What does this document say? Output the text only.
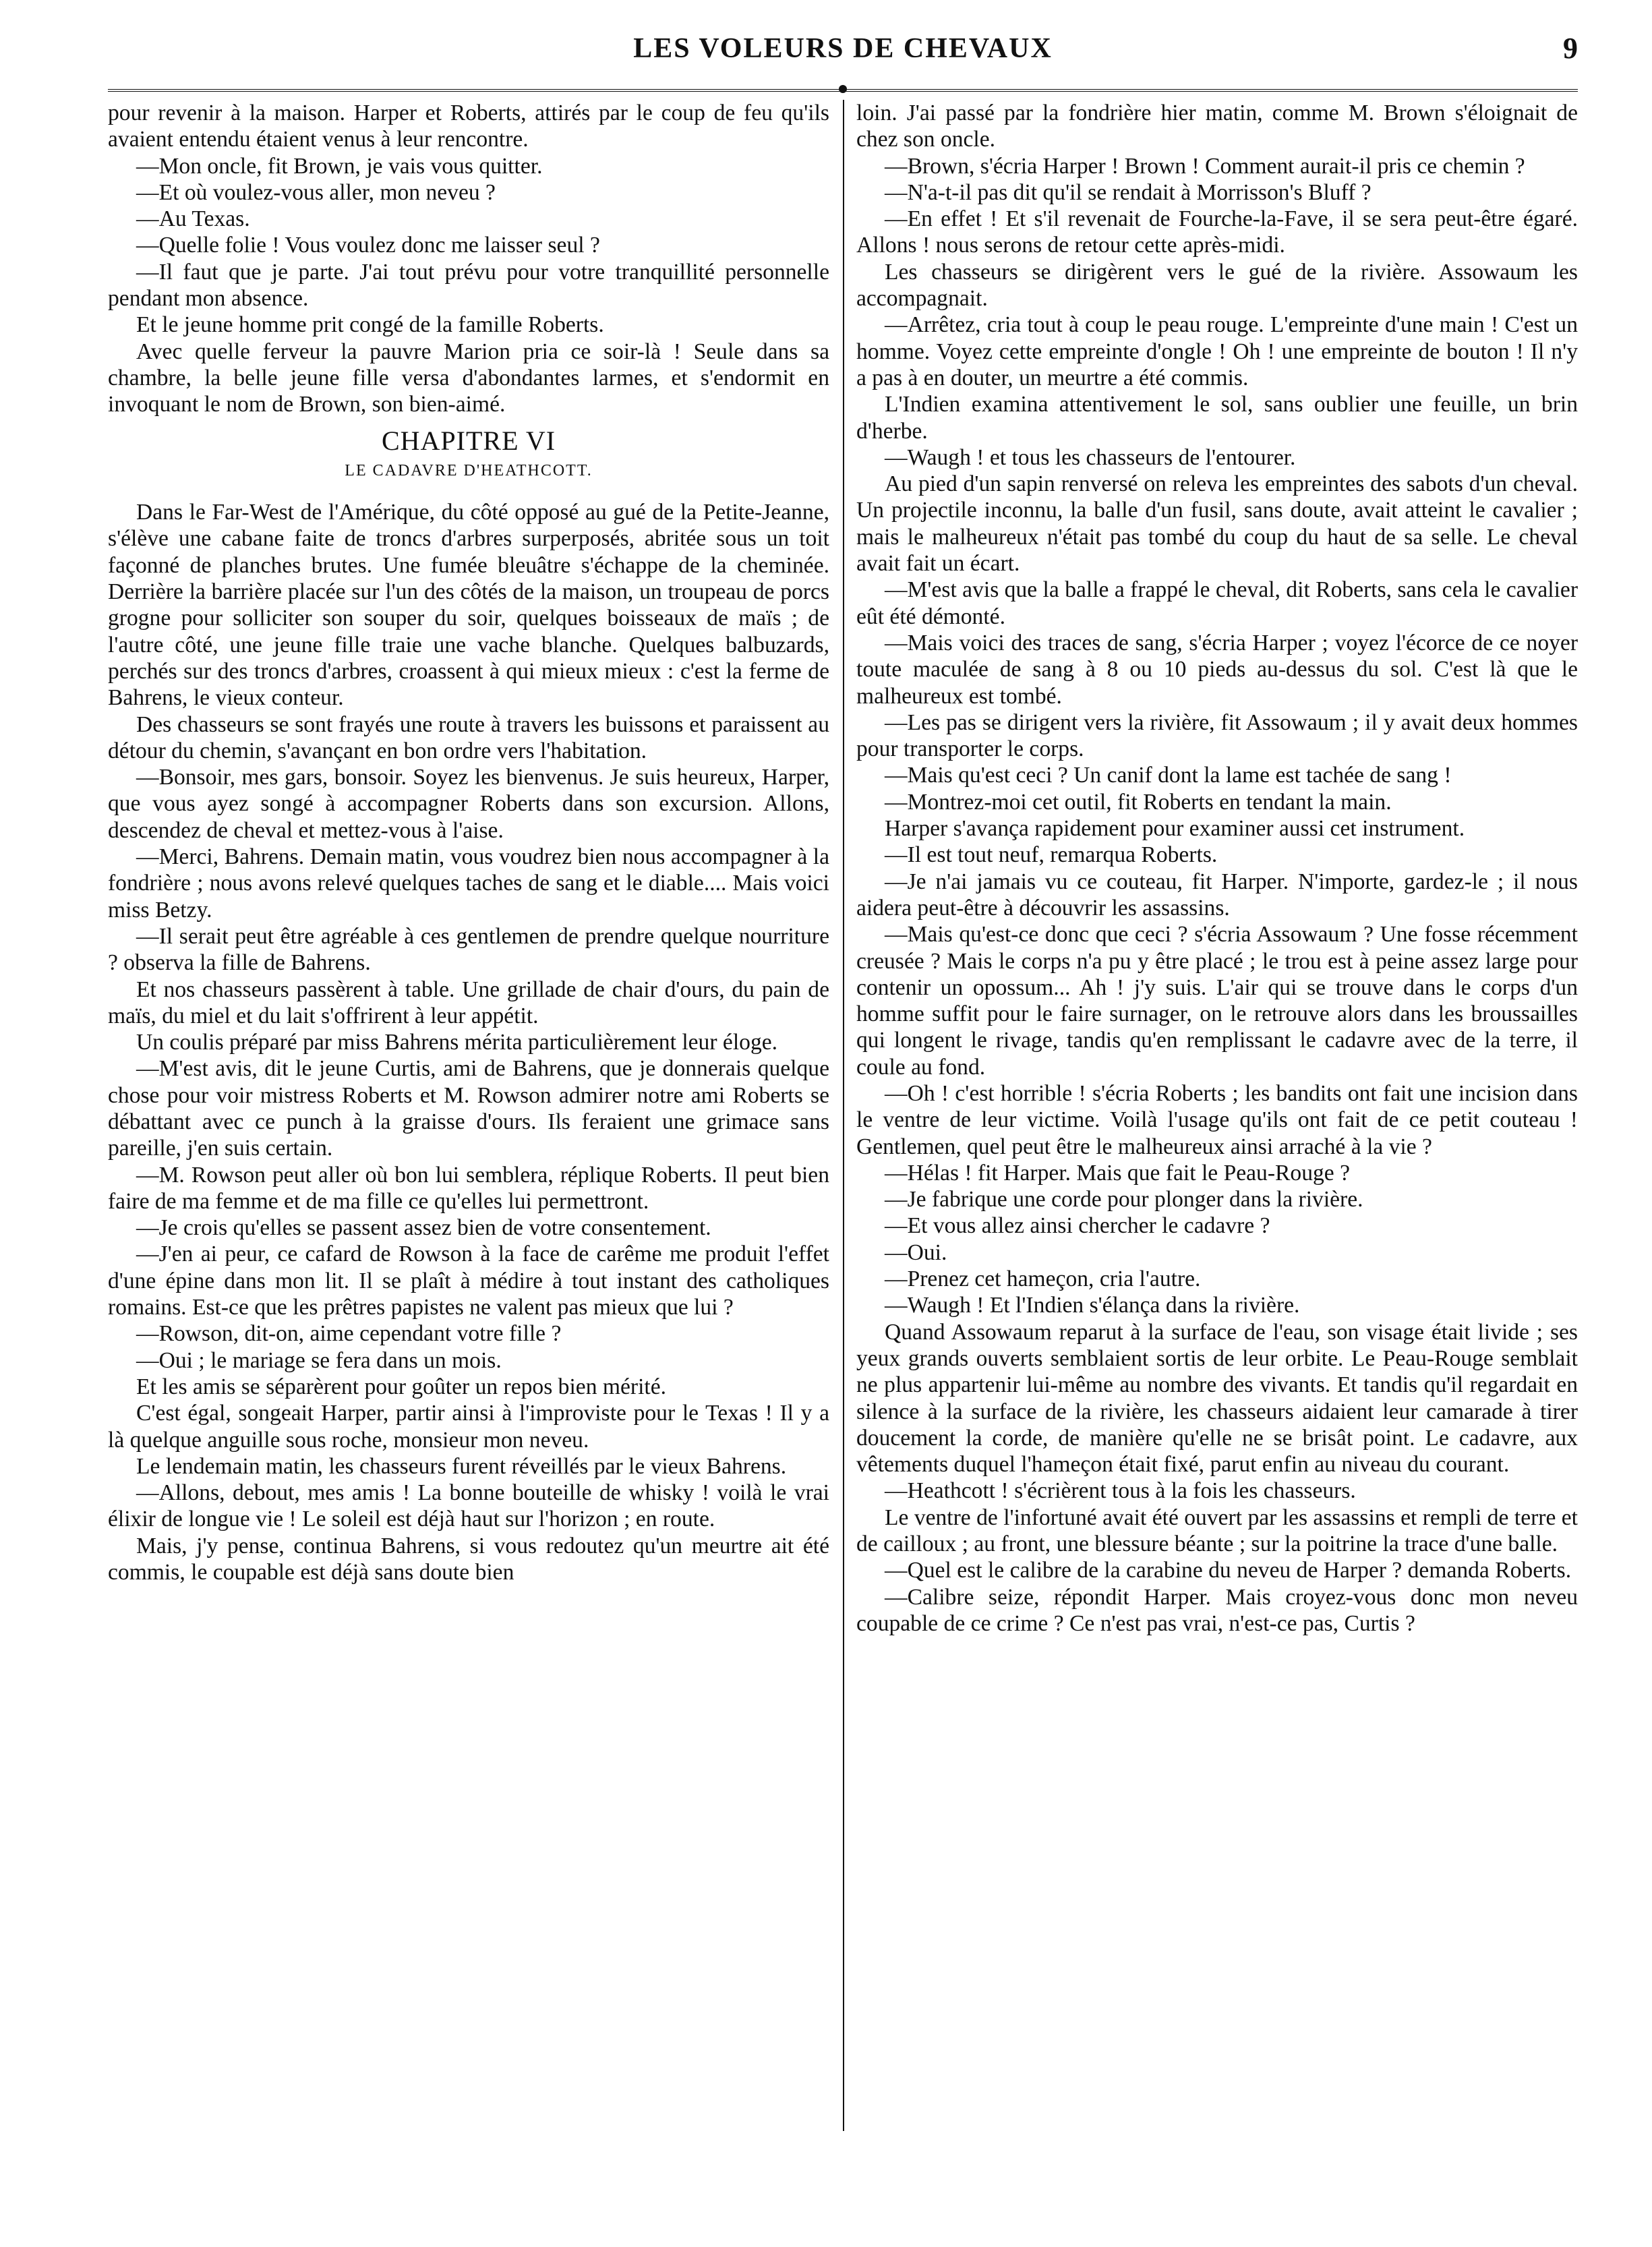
LES VOLEURS DE CHEVAUX	9

pour revenir à la maison. Harper et Roberts, attirés par le coup de feu qu'ils avaient entendu étaient venus à leur rencontre.

—Mon oncle, fit Brown, je vais vous quitter.

—Et où voulez-vous aller, mon neveu ?

—Au Texas.

—Quelle folie ! Vous voulez donc me laisser seul ?

—Il faut que je parte. J'ai tout prévu pour votre tranquillité personnelle pendant mon absence.

Et le jeune homme prit congé de la famille Roberts.

Avec quelle ferveur la pauvre Marion pria ce soir-là ! Seule dans sa chambre, la belle jeune fille versa d'abondantes larmes, et s'endormit en invoquant le nom de Brown, son bien-aimé.

CHAPITRE VI
LE CADAVRE D'HEATHCOTT.

Dans le Far-West de l'Amérique, du côté opposé au gué de la Petite-Jeanne, s'élève une cabane faite de troncs d'arbres surperposés, abritée sous un toit façonné de planches brutes. Une fumée bleuâtre s'échappe de la cheminée. Derrière la barrière placée sur l'un des côtés de la maison, un troupeau de porcs grogne pour solliciter son souper du soir, quelques boisseaux de maïs ; de l'autre côté, une jeune fille traie une vache blanche. Quelques balbuzards, perchés sur des troncs d'arbres, croassent à qui mieux mieux : c'est la ferme de Bahrens, le vieux conteur.

Des chasseurs se sont frayés une route à travers les buissons et paraissent au détour du chemin, s'avançant en bon ordre vers l'habitation.

—Bonsoir, mes gars, bonsoir. Soyez les bienvenus. Je suis heureux, Harper, que vous ayez songé à accompagner Roberts dans son excursion. Allons, descendez de cheval et mettez-vous à l'aise.

—Merci, Bahrens. Demain matin, vous voudrez bien nous accompagner à la fondrière ; nous avons relevé quelques taches de sang et le diable.... Mais voici miss Betzy.

—Il serait peut être agréable à ces gentlemen de prendre quelque nourriture ? observa la fille de Bahrens.

Et nos chasseurs passèrent à table. Une grillade de chair d'ours, du pain de maïs, du miel et du lait s'offrirent à leur appétit.

Un coulis préparé par miss Bahrens mérita particulièrement leur éloge.

—M'est avis, dit le jeune Curtis, ami de Bahrens, que je donnerais quelque chose pour voir mistress Roberts et M. Rowson admirer notre ami Roberts se débattant avec ce punch à la graisse d'ours. Ils feraient une grimace sans pareille, j'en suis certain.

—M. Rowson peut aller où bon lui semblera, réplique Roberts. Il peut bien faire de ma femme et de ma fille ce qu'elles lui permettront.

—Je crois qu'elles se passent assez bien de votre consentement.

—J'en ai peur, ce cafard de Rowson à la face de carême me produit l'effet d'une épine dans mon lit. Il se plaît à médire à tout instant des catholiques romains. Est-ce que les prêtres papistes ne valent pas mieux que lui ?

—Rowson, dit-on, aime cependant votre fille ?

—Oui ; le mariage se fera dans un mois.

Et les amis se séparèrent pour goûter un repos bien mérité.

C'est égal, songeait Harper, partir ainsi à l'improviste pour le Texas ! Il y a là quelque anguille sous roche, monsieur mon neveu.

Le lendemain matin, les chasseurs furent réveillés par le vieux Bahrens.

—Allons, debout, mes amis ! La bonne bouteille de whisky ! voilà le vrai élixir de longue vie ! Le soleil est déjà haut sur l'horizon ; en route.

Mais, j'y pense, continua Bahrens, si vous redoutez qu'un meurtre ait été commis, le coupable est déjà sans doute bien

loin. J'ai passé par la fondrière hier matin, comme M. Brown s'éloignait de chez son oncle.

—Brown, s'écria Harper ! Brown ! Comment aurait-il pris ce chemin ?

—N'a-t-il pas dit qu'il se rendait à Morrisson's Bluff ?

—En effet ! Et s'il revenait de Fourche-la-Fave, il se sera peut-être égaré. Allons ! nous serons de retour cette après-midi.

Les chasseurs se dirigèrent vers le gué de la rivière. Assowaum les accompagnait.

—Arrêtez, cria tout à coup le peau rouge. L'empreinte d'une main ! C'est un homme. Voyez cette empreinte d'ongle ! Oh ! une empreinte de bouton ! Il n'y a pas à en douter, un meurtre a été commis.

L'Indien examina attentivement le sol, sans oublier une feuille, un brin d'herbe.

—Waugh ! et tous les chasseurs de l'entourer.

Au pied d'un sapin renversé on releva les empreintes des sabots d'un cheval. Un projectile inconnu, la balle d'un fusil, sans doute, avait atteint le cavalier ; mais le malheureux n'était pas tombé du coup du haut de sa selle. Le cheval avait fait un écart.

—M'est avis que la balle a frappé le cheval, dit Roberts, sans cela le cavalier eût été démonté.

—Mais voici des traces de sang, s'écria Harper ; voyez l'écorce de ce noyer toute maculée de sang à 8 ou 10 pieds au-dessus du sol. C'est là que le malheureux est tombé.

—Les pas se dirigent vers la rivière, fit Assowaum ; il y avait deux hommes pour transporter le corps.

—Mais qu'est ceci ? Un canif dont la lame est tachée de sang !

—Montrez-moi cet outil, fit Roberts en tendant la main.

Harper s'avança rapidement pour examiner aussi cet instrument.

—Il est tout neuf, remarqua Roberts.

—Je n'ai jamais vu ce couteau, fit Harper. N'importe, gardez-le ; il nous aidera peut-être à découvrir les assassins.

—Mais qu'est-ce donc que ceci ? s'écria Assowaum ? Une fosse récemment creusée ? Mais le corps n'a pu y être placé ; le trou est à peine assez large pour contenir un opossum... Ah ! j'y suis. L'air qui se trouve dans le corps d'un homme suffit pour le faire surnager, on le retrouve alors dans les broussailles qui longent le rivage, tandis qu'en remplissant le cadavre avec de la terre, il coule au fond.

—Oh ! c'est horrible ! s'écria Roberts ; les bandits ont fait une incision dans le ventre de leur victime. Voilà l'usage qu'ils ont fait de ce petit couteau ! Gentlemen, quel peut être le malheureux ainsi arraché à la vie ?

—Hélas ! fit Harper. Mais que fait le Peau-Rouge ?

—Je fabrique une corde pour plonger dans la rivière.

—Et vous allez ainsi chercher le cadavre ?

—Oui.

—Prenez cet hameçon, cria l'autre.

—Waugh ! Et l'Indien s'élança dans la rivière.

Quand Assowaum reparut à la surface de l'eau, son visage était livide ; ses yeux grands ouverts semblaient sortis de leur orbite. Le Peau-Rouge semblait ne plus appartenir lui-même au nombre des vivants. Et tandis qu'il regardait en silence à la surface de la rivière, les chasseurs aidaient leur camarade à tirer doucement la corde, de manière qu'elle ne se brisât point. Le cadavre, aux vêtements duquel l'hameçon était fixé, parut enfin au niveau du courant.

—Heathcott ! s'écrièrent tous à la fois les chasseurs.

Le ventre de l'infortuné avait été ouvert par les assassins et rempli de terre et de cailloux ; au front, une blessure béante ; sur la poitrine la trace d'une balle.

—Quel est le calibre de la carabine du neveu de Harper ? demanda Roberts.

—Calibre seize, répondit Harper. Mais croyez-vous donc mon neveu coupable de ce crime ? Ce n'est pas vrai, n'est-ce pas, Curtis ?
